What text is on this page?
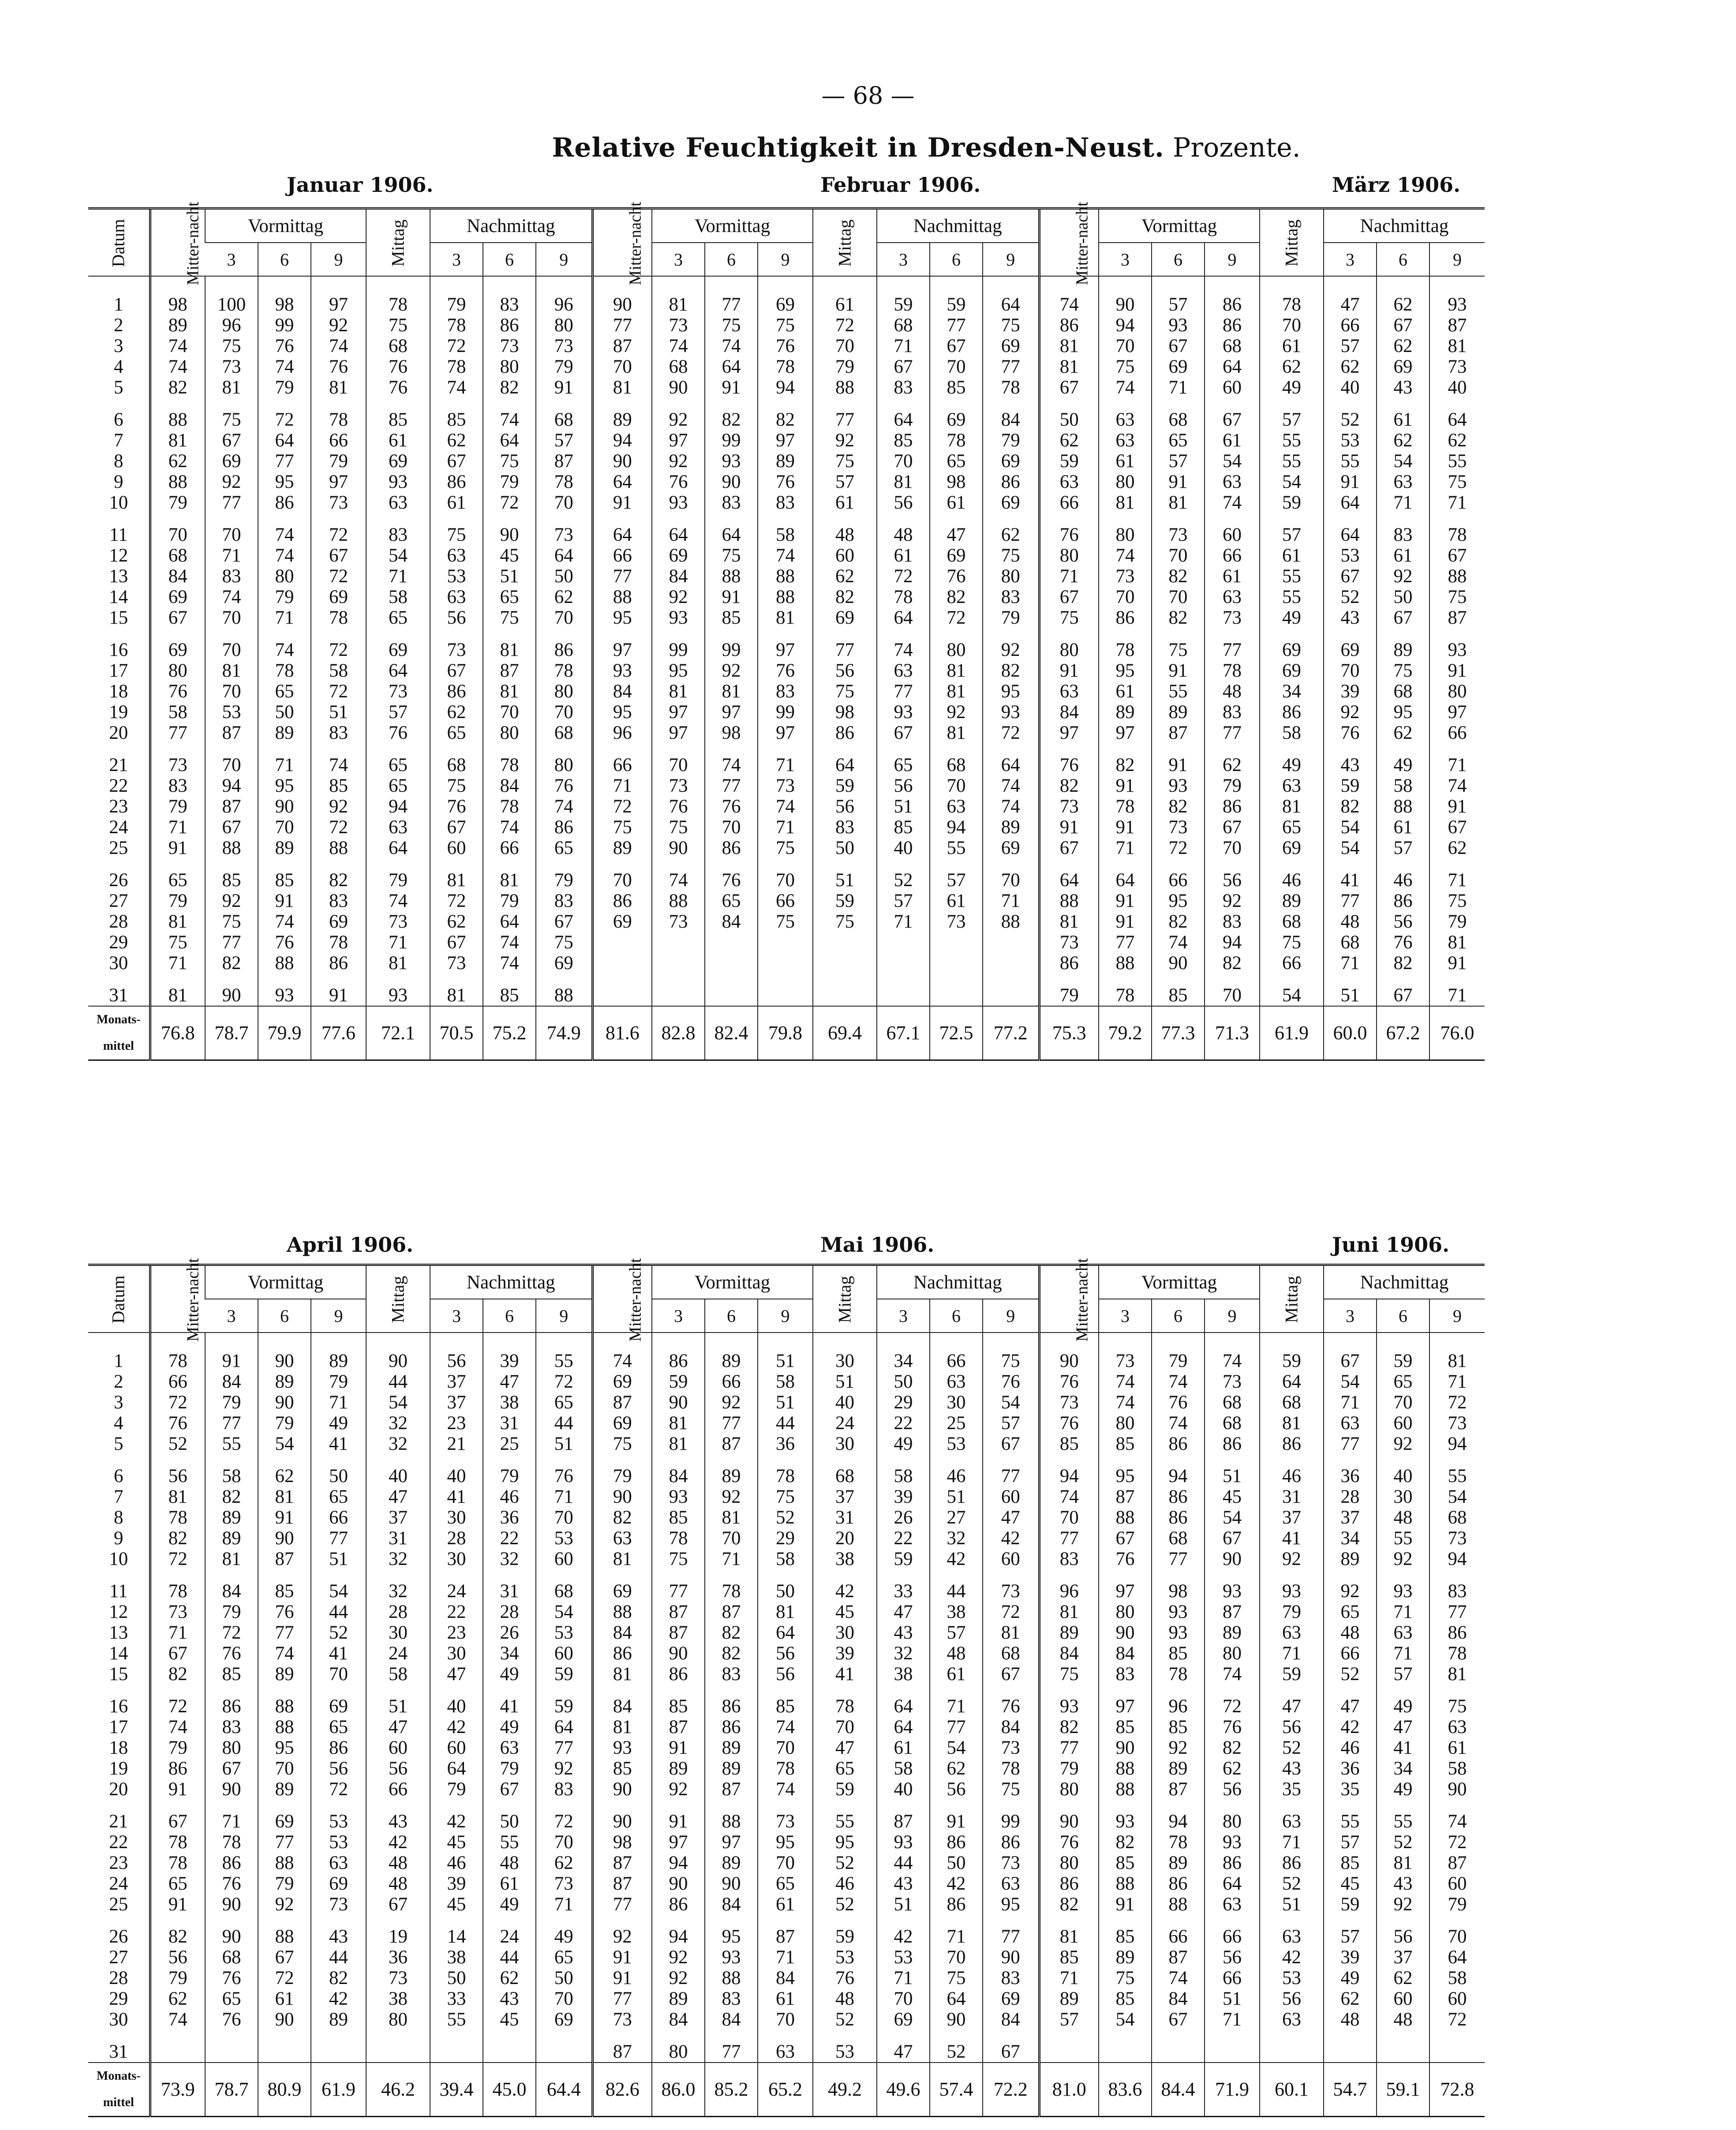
— 68 —
Relative Feuchtigkeit in Dresden-Neust. Prozente.
Januar 1906.	Februar 1906.	März 1906.
April 1906.	Mai 1906.	Juni 1906.
Datum	Mitter-nacht	Vormittag			Mittag	Nachmittag			Mitter-nacht	Vormittag			Mittag	Nachmittag			Mitter-nacht	Vormittag			Mittag	Nachmittag		
		3	6	9		3	6	9		3	6	9		3	6	9		3	6	9		3	6	9

1	98	100	98	97	78	79	83	96	90	81	77	69	61	59	59	64	74	90	57	86	78	47	62	93
2	89	96	99	92	75	78	86	80	77	73	75	75	72	68	77	75	86	94	93	86	70	66	67	87
3	74	75	76	74	68	72	73	73	87	74	74	76	70	71	67	69	81	70	67	68	61	57	62	81
4	74	73	74	76	76	78	80	79	70	68	64	78	79	67	70	77	81	75	69	64	62	62	69	73
5	82	81	79	81	76	74	82	91	81	90	91	94	88	83	85	78	67	74	71	60	49	40	43	40
6	88	75	72	78	85	85	74	68	89	92	82	82	77	64	69	84	50	63	68	67	57	52	61	64
7	81	67	64	66	61	62	64	57	94	97	99	97	92	85	78	79	62	63	65	61	55	53	62	62
8	62	69	77	79	69	67	75	87	90	92	93	89	75	70	65	69	59	61	57	54	55	55	54	55
9	88	92	95	97	93	86	79	78	64	76	90	76	57	81	98	86	63	80	91	63	54	91	63	75
10	79	77	86	73	63	61	72	70	91	93	83	83	61	56	61	69	66	81	81	74	59	64	71	71
11	70	70	74	72	83	75	90	73	64	64	64	58	48	48	47	62	76	80	73	60	57	64	83	78
12	68	71	74	67	54	63	45	64	66	69	75	74	60	61	69	75	80	74	70	66	61	53	61	67
13	84	83	80	72	71	53	51	50	77	84	88	88	62	72	76	80	71	73	82	61	55	67	92	88
14	69	74	79	69	58	63	65	62	88	92	91	88	82	78	82	83	67	70	70	63	55	52	50	75
15	67	70	71	78	65	56	75	70	95	93	85	81	69	64	72	79	75	86	82	73	49	43	67	87
16	69	70	74	72	69	73	81	86	97	99	99	97	77	74	80	92	80	78	75	77	69	69	89	93
17	80	81	78	58	64	67	87	78	93	95	92	76	56	63	81	82	91	95	91	78	69	70	75	91
18	76	70	65	72	73	86	81	80	84	81	81	83	75	77	81	95	63	61	55	48	34	39	68	80
19	58	53	50	51	57	62	70	70	95	97	97	99	98	93	92	93	84	89	89	83	86	92	95	97
20	77	87	89	83	76	65	80	68	96	97	98	97	86	67	81	72	97	97	87	77	58	76	62	66
21	73	70	71	74	65	68	78	80	66	70	74	71	64	65	68	64	76	82	91	62	49	43	49	71
22	83	94	95	85	65	75	84	76	71	73	77	73	59	56	70	74	82	91	93	79	63	59	58	74
23	79	87	90	92	94	76	78	74	72	76	76	74	56	51	63	74	73	78	82	86	81	82	88	91
24	71	67	70	72	63	67	74	86	75	75	70	71	83	85	94	89	91	91	73	67	65	54	61	67
25	91	88	89	88	64	60	66	65	89	90	86	75	50	40	55	69	67	71	72	70	69	54	57	62
26	65	85	85	82	79	81	81	79	70	74	76	70	51	52	57	70	64	64	66	56	46	41	46	71
27	79	92	91	83	74	72	79	83	86	88	65	66	59	57	61	71	88	91	95	92	89	77	86	75
28	81	75	74	69	73	62	64	67	69	73	84	75	75	71	73	88	81	91	82	83	68	48	56	79
29	75	77	76	78	71	67	74	75									73	77	74	94	75	68	76	81
30	71	82	88	86	81	73	74	69									86	88	90	82	66	71	82	91
31	81	90	93	91	93	81	85	88									79	78	85	70	54	51	67	71

Monats-
mittel	76.8	78.7	79.9	77.6	72.1	70.5	75.2	74.9	81.6	82.8	82.4	79.8	69.4	67.1	72.5	77.2	75.3	79.2	77.3	71.3	61.9	60.0	67.2	76.0
Datum	Mitter-nacht	Vormittag			Mittag	Nachmittag			Mitter-nacht	Vormittag			Mittag	Nachmittag			Mitter-nacht	Vormittag			Mittag	Nachmittag		
		3	6	9		3	6	9		3	6	9		3	6	9		3	6	9		3	6	9

1	78	91	90	89	90	56	39	55	74	86	89	51	30	34	66	75	90	73	79	74	59	67	59	81
2	66	84	89	79	44	37	47	72	69	59	66	58	51	50	63	76	76	74	74	73	64	54	65	71
3	72	79	90	71	54	37	38	65	87	90	92	51	40	29	30	54	73	74	76	68	68	71	70	72
4	76	77	79	49	32	23	31	44	69	81	77	44	24	22	25	57	76	80	74	68	81	63	60	73
5	52	55	54	41	32	21	25	51	75	81	87	36	30	49	53	67	85	85	86	86	86	77	92	94
6	56	58	62	50	40	40	79	76	79	84	89	78	68	58	46	77	94	95	94	51	46	36	40	55
7	81	82	81	65	47	41	46	71	90	93	92	75	37	39	51	60	74	87	86	45	31	28	30	54
8	78	89	91	66	37	30	36	70	82	85	81	52	31	26	27	47	70	88	86	54	37	37	48	68
9	82	89	90	77	31	28	22	53	63	78	70	29	20	22	32	42	77	67	68	67	41	34	55	73
10	72	81	87	51	32	30	32	60	81	75	71	58	38	59	42	60	83	76	77	90	92	89	92	94
11	78	84	85	54	32	24	31	68	69	77	78	50	42	33	44	73	96	97	98	93	93	92	93	83
12	73	79	76	44	28	22	28	54	88	87	87	81	45	47	38	72	81	80	93	87	79	65	71	77
13	71	72	77	52	30	23	26	53	84	87	82	64	30	43	57	81	89	90	93	89	63	48	63	86
14	67	76	74	41	24	30	34	60	86	90	82	56	39	32	48	68	84	84	85	80	71	66	71	78
15	82	85	89	70	58	47	49	59	81	86	83	56	41	38	61	67	75	83	78	74	59	52	57	81
16	72	86	88	69	51	40	41	59	84	85	86	85	78	64	71	76	93	97	96	72	47	47	49	75
17	74	83	88	65	47	42	49	64	81	87	86	74	70	64	77	84	82	85	85	76	56	42	47	63
18	79	80	95	86	60	60	63	77	93	91	89	70	47	61	54	73	77	90	92	82	52	46	41	61
19	86	67	70	56	56	64	79	92	85	89	89	78	65	58	62	78	79	88	89	62	43	36	34	58
20	91	90	89	72	66	79	67	83	90	92	87	74	59	40	56	75	80	88	87	56	35	35	49	90
21	67	71	69	53	43	42	50	72	90	91	88	73	55	87	91	99	90	93	94	80	63	55	55	74
22	78	78	77	53	42	45	55	70	98	97	97	95	95	93	86	86	76	82	78	93	71	57	52	72
23	78	86	88	63	48	46	48	62	87	94	89	70	52	44	50	73	80	85	89	86	86	85	81	87
24	65	76	79	69	48	39	61	73	87	90	90	65	46	43	42	63	86	88	86	64	52	45	43	60
25	91	90	92	73	67	45	49	71	77	86	84	61	52	51	86	95	82	91	88	63	51	59	92	79
26	82	90	88	43	19	14	24	49	92	94	95	87	59	42	71	77	81	85	66	66	63	57	56	70
27	56	68	67	44	36	38	44	65	91	92	93	71	53	53	70	90	85	89	87	56	42	39	37	64
28	79	76	72	82	73	50	62	50	91	92	88	84	76	71	75	83	71	75	74	66	53	49	62	58
29	62	65	61	42	38	33	43	70	77	89	83	61	48	70	64	69	89	85	84	51	56	62	60	60
30	74	76	90	89	80	55	45	69	73	84	84	70	52	69	90	84	57	54	67	71	63	48	48	72
31									87	80	77	63	53	47	52	67								

Monats-
mittel	73.9	78.7	80.9	61.9	46.2	39.4	45.0	64.4	82.6	86.0	85.2	65.2	49.2	49.6	57.4	72.2	81.0	83.6	84.4	71.9	60.1	54.7	59.1	72.8
